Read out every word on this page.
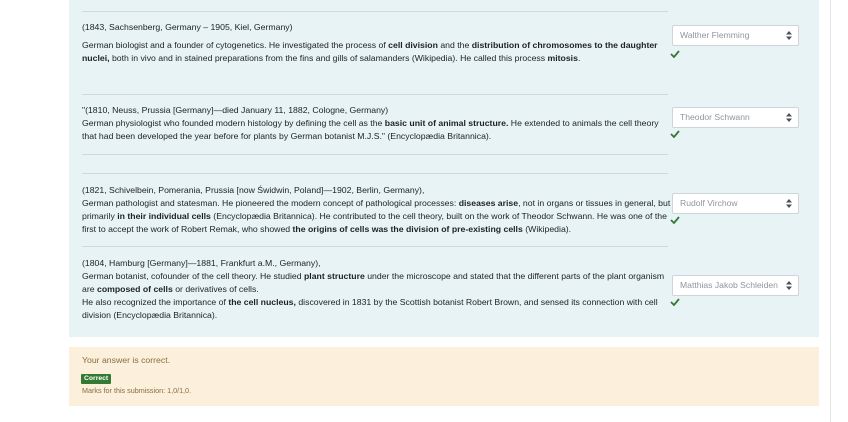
(1843, Sachsenberg, Germany – 1905, Kiel, Germany)

German biologist and a founder of cytogenetics. He investigated the process of cell division and the distribution of chromosomes to the daughter nuclei, both in vivo and in stained preparations from the fins and gills of salamanders (Wikipedia). He called this process mitosis.

Walther Flemming

"(1810, Neuss, Prussia [Germany]—died January 11, 1882, Cologne, Germany)

German physiologist who founded modern histology by defining the cell as the basic unit of animal structure. He extended to animals the cell theory that had been developed the year before for plants by German botanist M.J.S." (Encyclopædia Britannica).

Theodor Schwann

(1821, Schivelbein, Pomerania, Prussia [now Świdwin, Poland]—1902, Berlin, Germany),

German pathologist and statesman. He pioneered the modern concept of pathological processes: diseases arise, not in organs or tissues in general, but primarily in their individual cells (Encyclopædia Britannica). He contributed to the cell theory, built on the work of Theodor Schwann. He was one of the first to accept the work of Robert Remak, who showed the origins of cells was the division of pre-existing cells (Wikipedia).

Rudolf Virchow

(1804, Hamburg [Germany]—1881, Frankfurt a.M., Germany),

German botanist, cofounder of the cell theory. He studied plant structure under the microscope and stated that the different parts of the plant organism are composed of cells or derivatives of cells.

He also recognized the importance of the cell nucleus, discovered in 1831 by the Scottish botanist Robert Brown, and sensed its connection with cell division (Encyclopædia Britannica).

Matthias Jakob Schleiden
Your answer is correct.
Correct
Marks for this submission: 1,0/1,0.
